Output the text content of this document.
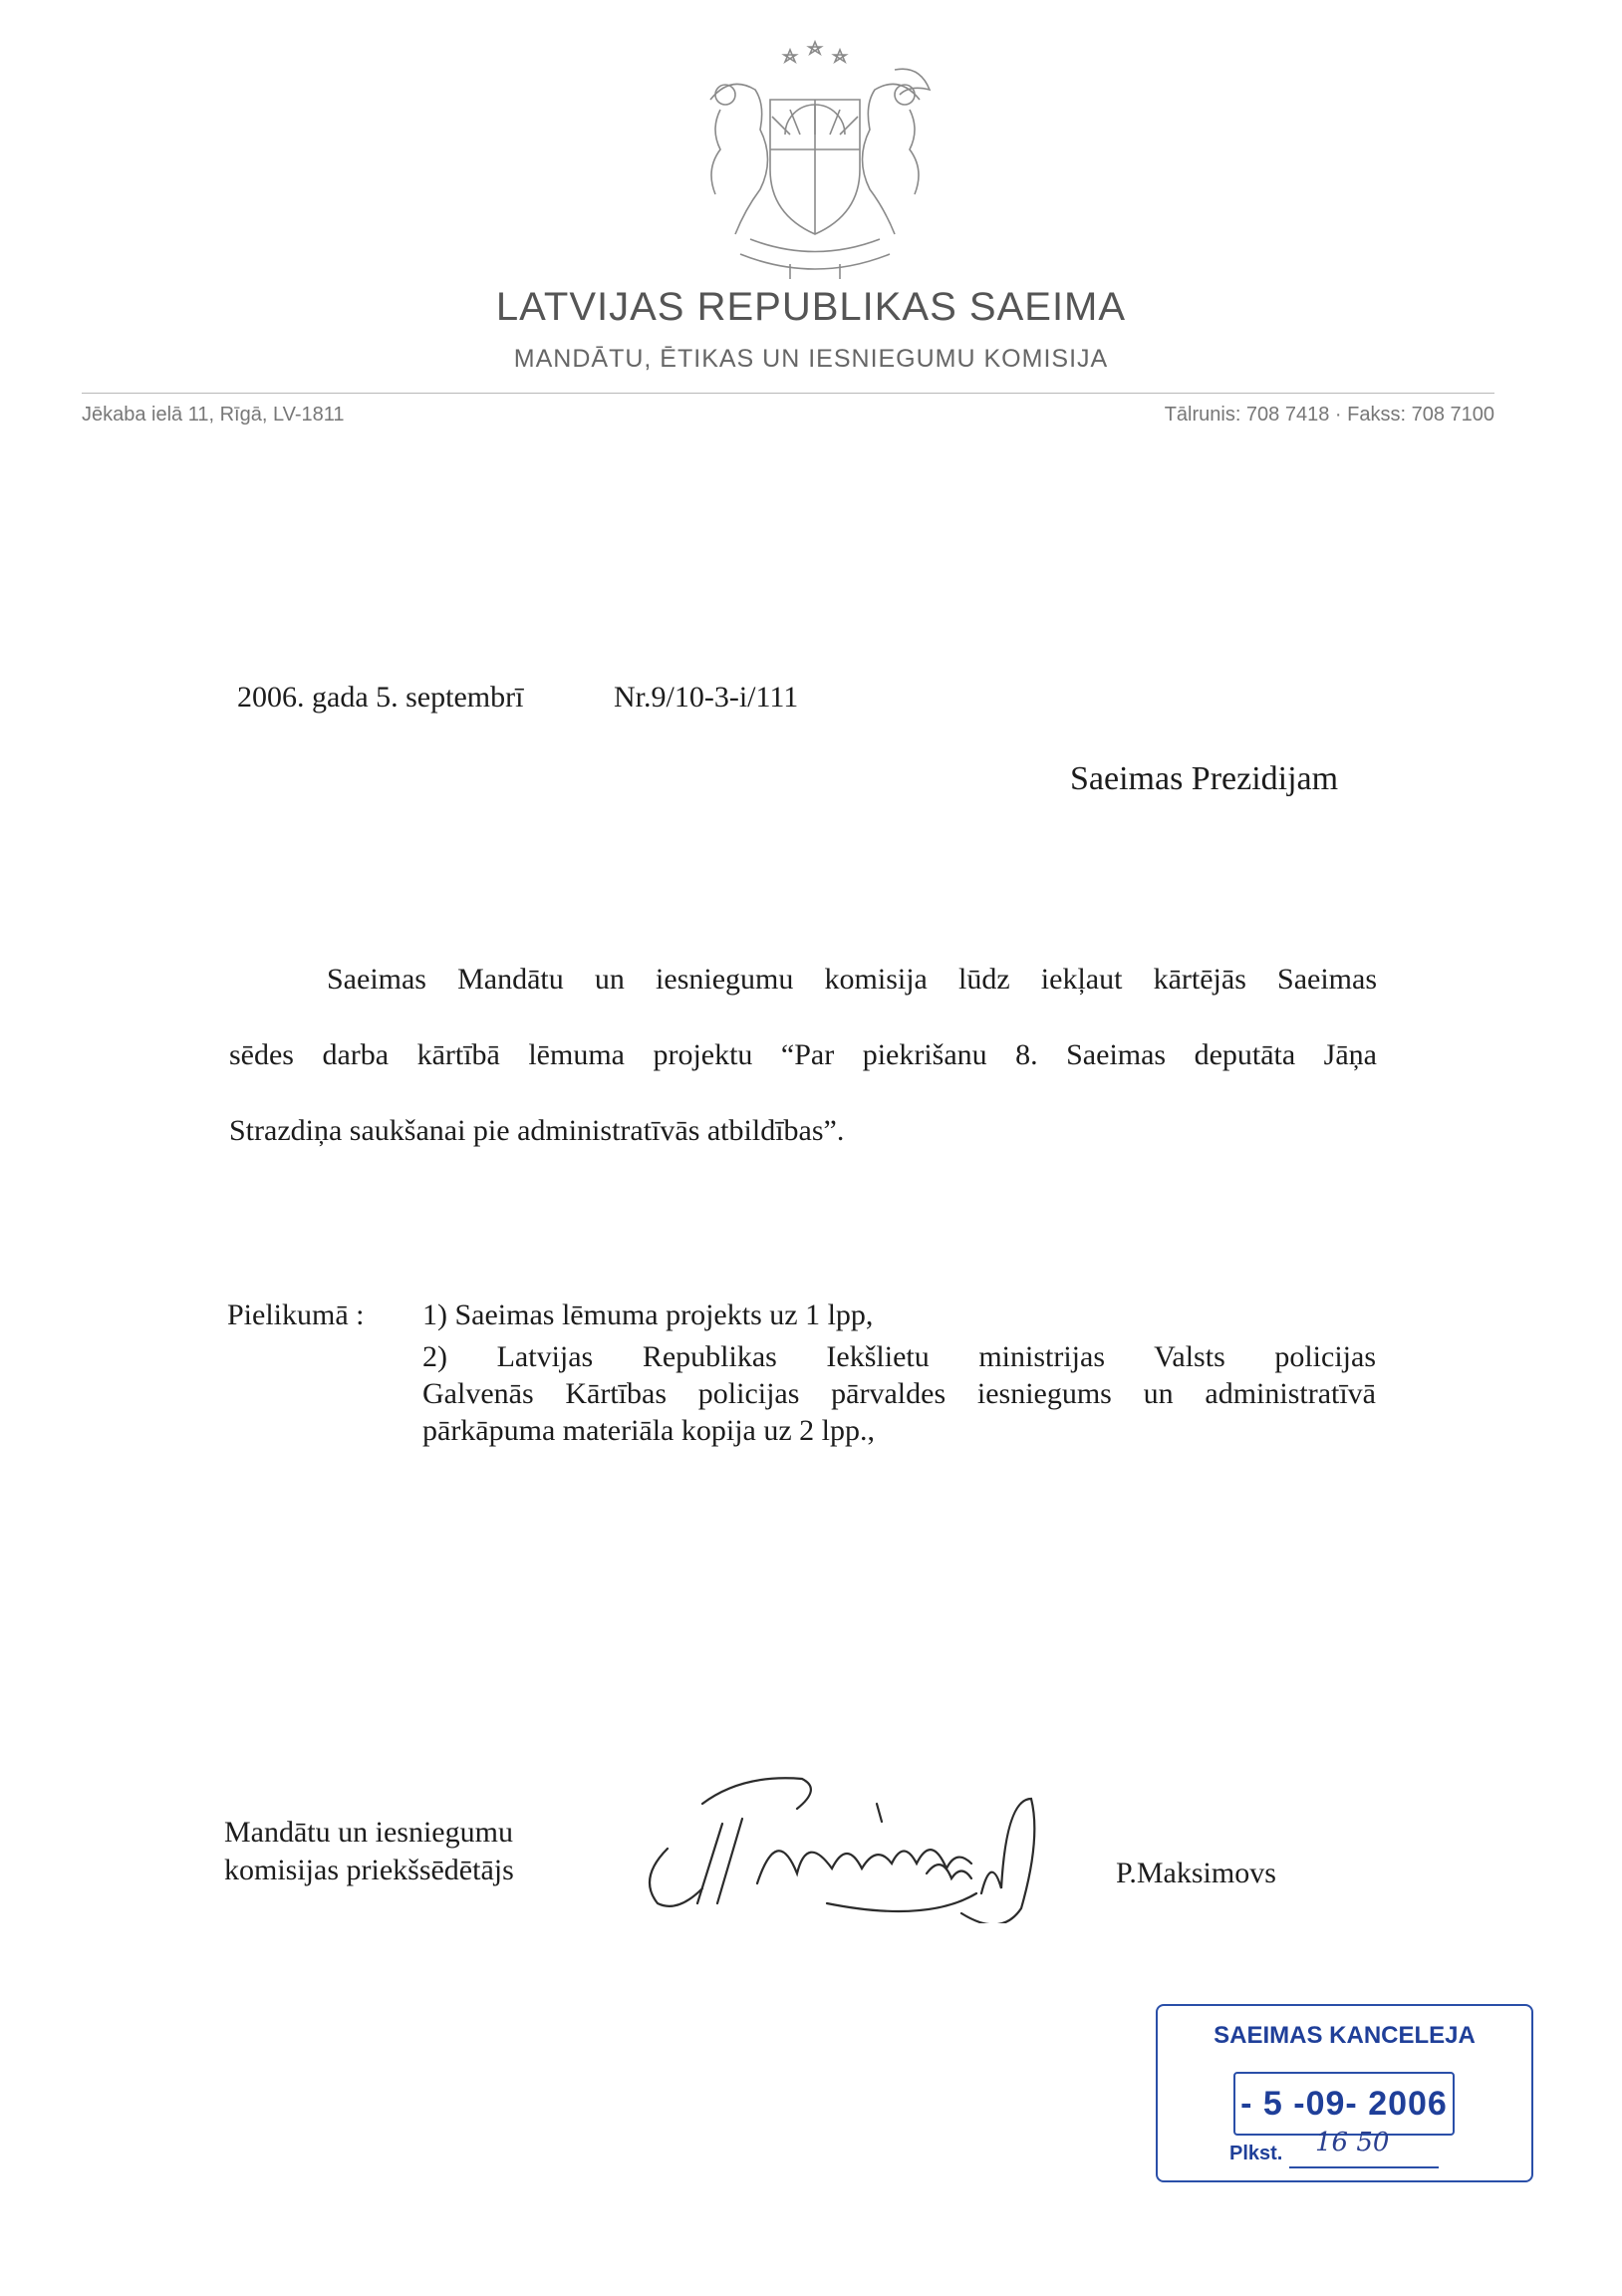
LATVIJAS REPUBLIKAS SAEIMA
MANDĀTU, ĒTIKAS UN IESNIEGUMU KOMISIJA
Jēkaba ielā 11, Rīgā, LV-1811	Tālrunis: 708 7418 · Fakss: 708 7100
2006. gada 5. septembrī	Nr.9/10-3-i/111
Saeimas Prezidijam
Saeimas Mandātu un iesniegumu komisija lūdz iekļaut kārtējās Saeimas
sēdes darba kārtībā lēmuma projektu “Par piekrišanu 8. Saeimas deputāta Jāņa
Strazdiņa saukšanai pie administratīvās atbildības”.
Pielikumā : 1) Saeimas lēmuma projekts uz 1 lpp,
2) Latvijas Republikas Iekšlietu ministrijas Valsts policijas
Galvenās Kārtības policijas pārvaldes iesniegums un administratīvā
pārkāpuma materiāla kopija uz 2 lpp.,
Mandātu un iesniegumu
komisijas priekšsēdētājs	P.Maksimovs
SAEIMAS KANCELEJA
- 5 -09- 2006
Plkst. 16 50
